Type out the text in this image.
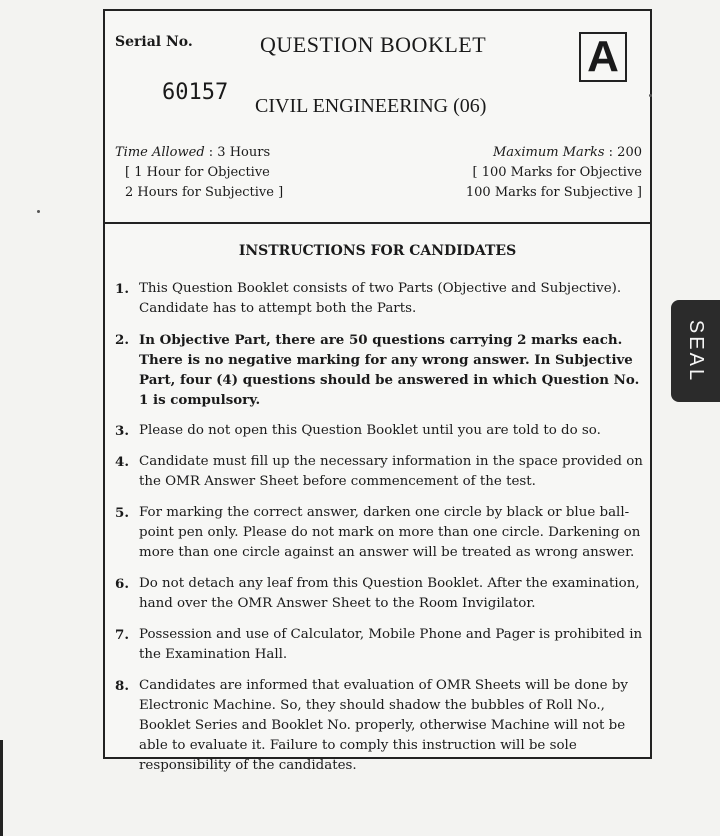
Serial No.	QUESTION BOOKLET A
60157
CIVIL ENGINEERING (06)
Time Allowed : 3 Hours
[ 1 Hour for Objective
2 Hours for Subjective ]
Maximum Marks : 200
[ 100 Marks for Objective
100 Marks for Subjective ]
INSTRUCTIONS FOR CANDIDATES
1. This Question Booklet consists of two Parts (Objective and Subjective). Candidate has to attempt both the Parts.
2. In Objective Part, there are 50 questions carrying 2 marks each. There is no negative marking for any wrong answer. In Subjective Part, four (4) questions should be answered in which Question No. 1 is compulsory.
3. Please do not open this Question Booklet until you are told to do so.
4. Candidate must fill up the necessary information in the space provided on the OMR Answer Sheet before commencement of the test.
5. For marking the correct answer, darken one circle by black or blue ball-point pen only. Please do not mark on more than one circle. Darkening on more than one circle against an answer will be treated as wrong answer.
6. Do not detach any leaf from this Question Booklet. After the examination, hand over the OMR Answer Sheet to the Room Invigilator.
7. Possession and use of Calculator, Mobile Phone and Pager is prohibited in the Examination Hall.
8. Candidates are informed that evaluation of OMR Sheets will be done by Electronic Machine. So, they should shadow the bubbles of Roll No., Booklet Series and Booklet No. properly, otherwise Machine will not be able to evaluate it. Failure to comply this instruction will be sole responsibility of the candidates.
SEAL
